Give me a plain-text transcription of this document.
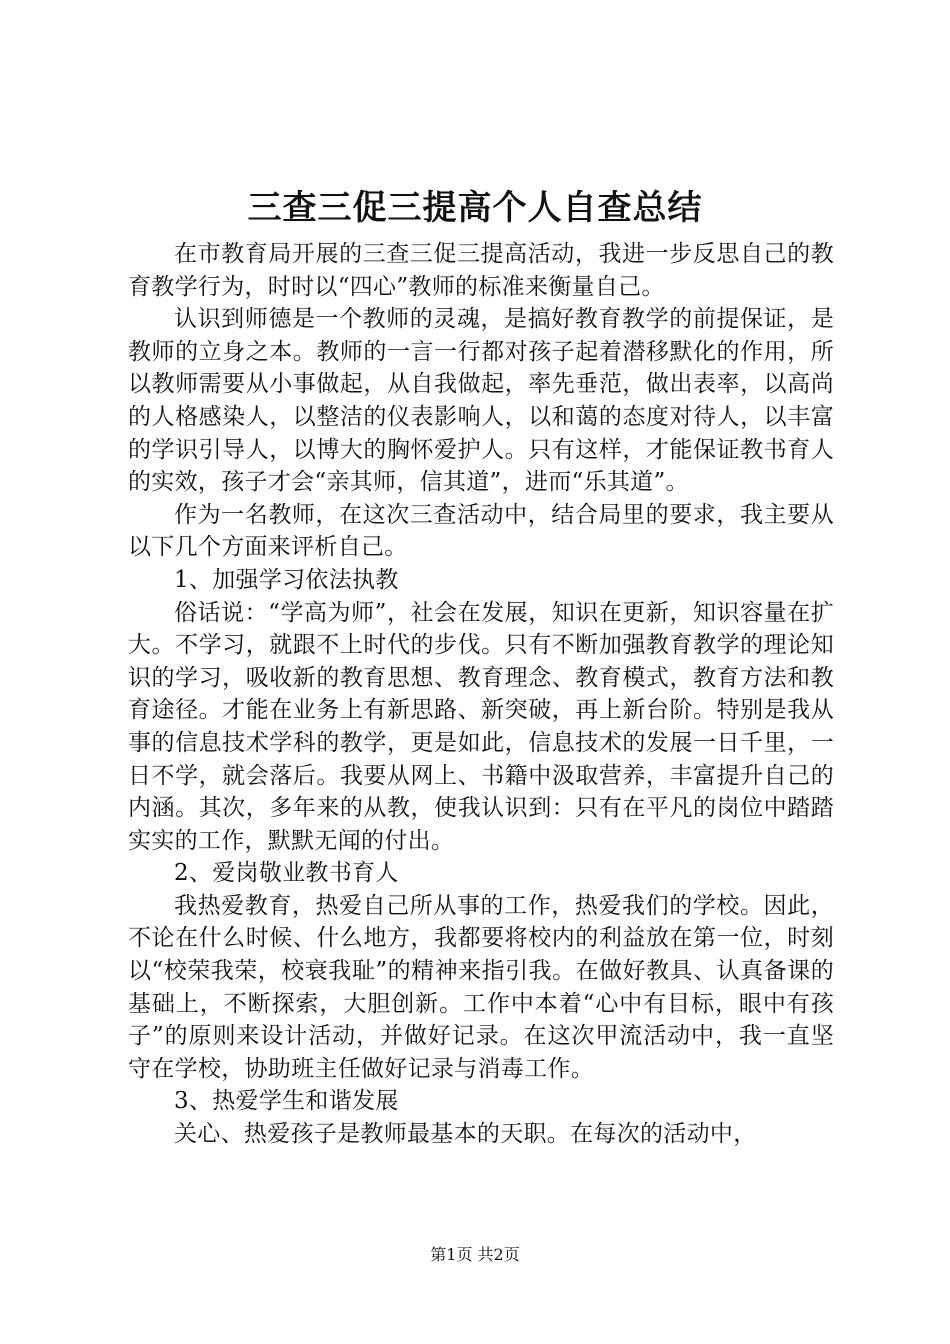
三查三促三提高个人自查总结

在市教育局开展的三查三促三提高活动，我进一步反思自己的教育教学行为，时时以“四心”教师的标准来衡量自己。

认识到师德是一个教师的灵魂，是搞好教育教学的前提保证，是教师的立身之本。教师的一言一行都对孩子起着潜移默化的作用，所以教师需要从小事做起，从自我做起，率先垂范，做出表率，以高尚的人格感染人，以整洁的仪表影响人，以和蔼的态度对待人，以丰富的学识引导人，以博大的胸怀爱护人。只有这样，才能保证教书育人的实效，孩子才会“亲其师，信其道”，进而“乐其道”。

作为一名教师，在这次三查活动中，结合局里的要求，我主要从以下几个方面来评析自己。

1、加强学习依法执教

俗话说：“学高为师”，社会在发展，知识在更新，知识容量在扩大。不学习，就跟不上时代的步伐。只有不断加强教育教学的理论知识的学习，吸收新的教育思想、教育理念、教育模式，教育方法和教育途径。才能在业务上有新思路、新突破，再上新台阶。特别是我从事的信息技术学科的教学，更是如此，信息技术的发展一日千里，一日不学，就会落后。我要从网上、书籍中汲取营养，丰富提升自己的内涵。其次，多年来的从教，使我认识到：只有在平凡的岗位中踏踏实实的工作，默默无闻的付出。

2、爱岗敬业教书育人

我热爱教育，热爱自己所从事的工作，热爱我们的学校。因此，不论在什么时候、什么地方，我都要将校内的利益放在第一位，时刻以“校荣我荣，校衰我耻”的精神来指引我。在做好教具、认真备课的基础上，不断探索，大胆创新。工作中本着“心中有目标，眼中有孩子”的原则来设计活动，并做好记录。在这次甲流活动中，我一直坚守在学校，协助班主任做好记录与消毒工作。

3、热爱学生和谐发展

关心、热爱孩子是教师最基本的天职。在每次的活动中，

第1页 共2页
